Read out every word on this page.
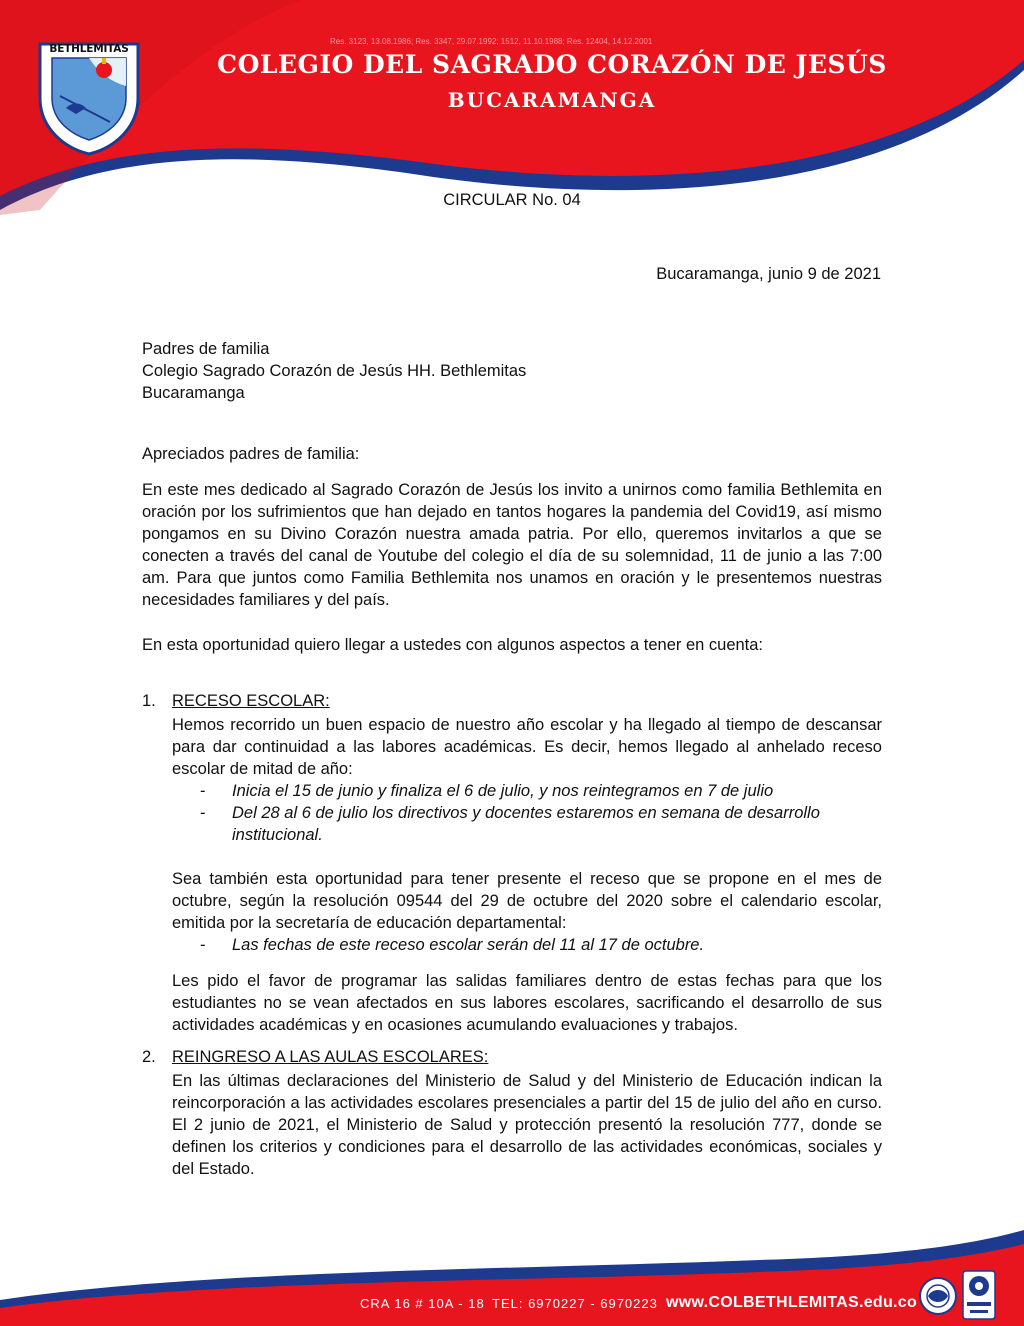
Res. 3123, 13.08.1986; Res. 3347, 29.07.1992; 1512, 11.10.1988; Res. 12404, 14.12.2001
COLEGIO DEL SAGRADO CORAZÓN DE JESÚS
BUCARAMANGA
BETHLEMITAS
CIRCULAR No. 04
Bucaramanga, junio 9 de 2021
Padres de familia
Colegio Sagrado Corazón de Jesús HH. Bethlemitas
Bucaramanga
Apreciados padres de familia:
En este mes dedicado al Sagrado Corazón de Jesús los invito a unirnos como familia Bethlemita en oración por los sufrimientos que han dejado en tantos hogares la pandemia del Covid19, así mismo pongamos en su Divino Corazón nuestra amada patria. Por ello, queremos invitarlos a que se conecten a través del canal de Youtube del colegio el día de su solemnidad, 11 de junio a las 7:00 am. Para que juntos como Familia Bethlemita nos unamos en oración y le presentemos nuestras necesidades familiares y del país.
En esta oportunidad quiero llegar a ustedes con algunos aspectos a tener en cuenta:
1. RECESO ESCOLAR:
Hemos recorrido un buen espacio de nuestro año escolar y ha llegado al tiempo de descansar para dar continuidad a las labores académicas. Es decir, hemos llegado al anhelado receso escolar de mitad de año:
- Inicia el 15 de junio y finaliza el 6 de julio, y nos reintegramos en 7 de julio
- Del 28 al 6 de julio los directivos y docentes estaremos en semana de desarrollo institucional.
Sea también esta oportunidad para tener presente el receso que se propone en el mes de octubre, según la resolución 09544 del 29 de octubre del 2020 sobre el calendario escolar, emitida por la secretaría de educación departamental:
- Las fechas de este receso escolar serán del 11 al 17 de octubre.
Les pido el favor de programar las salidas familiares dentro de estas fechas para que los estudiantes no se vean afectados en sus labores escolares, sacrificando el desarrollo de sus actividades académicas y en ocasiones acumulando evaluaciones y trabajos.
2. REINGRESO A LAS AULAS ESCOLARES:
En las últimas declaraciones del Ministerio de Salud y del Ministerio de Educación indican la reincorporación a las actividades escolares presenciales a partir del 15 de julio del año en curso. El 2 junio de 2021, el Ministerio de Salud y protección presentó la resolución 777, donde se definen los criterios y condiciones para el desarrollo de las actividades económicas, sociales y del Estado.
CRA 16 # 10A - 18 TEL: 6970227 - 6970223 www.COLBETHLEMITAS.edu.co
